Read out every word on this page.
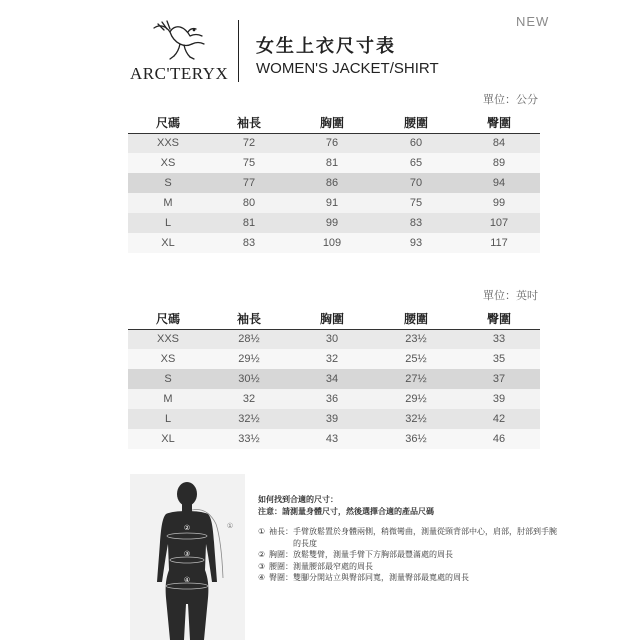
NEW
ARC'TERYX
女生上衣尺寸表
WOMEN'S JACKET/SHIRT
單位：公分
尺碼	袖長	胸圍	腰圍	臀圍
XXS	72	76	60	84
XS	75	81	65	89
S	77	86	70	94
M	80	91	75	99
L	81	99	83	107
XL	83	109	93	117
單位：英吋
尺碼	袖長	胸圍	腰圍	臀圍
XXS	28½	30	23½	33
XS	29½	32	25½	35
S	30½	34	27½	37
M	32	36	29½	39
L	32½	39	32½	42
XL	33½	43	36½	46
①
②
③
④
如何找到合適的尺寸：
注意：請測量身體尺寸，然後選擇合適的產品尺碼
① 袖長： 手臂放鬆置於身體兩側，稍微彎曲，測量從頸背部中心，肩部，肘部到手腕的長度
② 胸圍： 放鬆雙臂，測量手臂下方胸部最豐滿處的周長
③ 腰圍： 測量腰部最窄處的周長
④ 臀圍： 雙腳分開站立與臀部同寬，測量臀部最寬處的周長
